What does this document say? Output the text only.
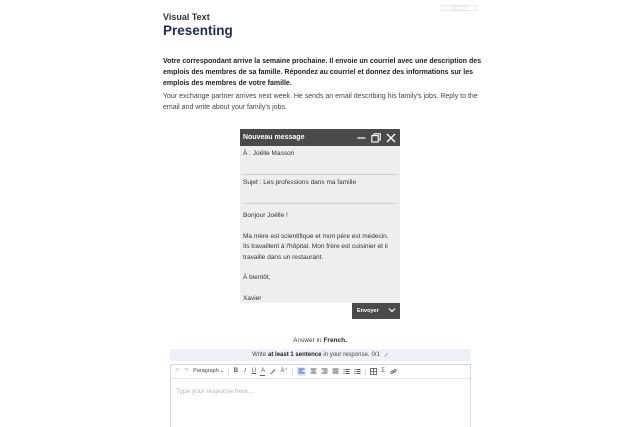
░░░░░░
Visual Text
Presenting
Votre correspondant arrive la semaine prochaine. Il envoie un courriel avec une description des emplois des membres de sa famille. Répondez au courriel et donnez des informations sur les emplois des membres de votre famille.
Your exchange partner arrives next week. He sends an email describing his family's jobs. Reply to the email and write about your family's jobs.
Nouveau message
À : Joëlle Masson
Sujet : Les professions dans ma famille

Bonjour Joëlle !

Ma mère est scientifique et mon père est médecin.

Ils travaillent à l'hôpital. Mon frère est cuisinier et il

travaille dans un restaurant.

À bientôt,

Xavier

Envoyer
Answer in French.
Write at least 1 sentence in your response. 0/1 ✓
↶ ↷ Paragraph  ⌄ B I U A	A⁺	Σ
Type your response here...
